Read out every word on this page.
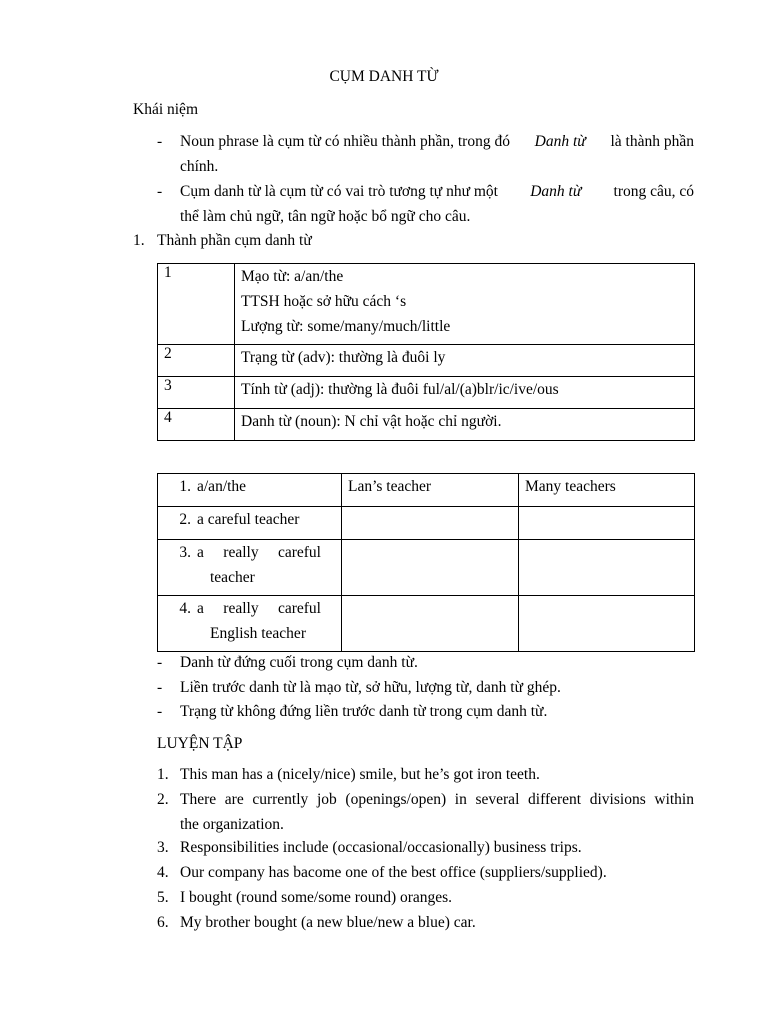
CỤM DANH TỪ
Khái niệm
- Noun phrase là cụm từ có nhiều thành phần, trong đó Danh từ là thành phần
chính.
- Cụm danh từ là cụm từ có vai trò tương tự như một Danh từ trong câu, có
thể làm chủ ngữ, tân ngữ hoặc bổ ngữ cho câu.
1. Thành phần cụm danh từ
1	Mạo từ: a/an/the
TTSH hoặc sở hữu cách ‘s
Lượng từ: some/many/much/little

2	Trạng từ (adv): thường là đuôi ly

3	Tính từ (adj): thường là đuôi ful/al/(a)blr/ic/ive/ous

4	Danh từ (noun): N chỉ vật hoặc chỉ người.
1. a/an/the	Lan’s teacher	Many teachers

2. a careful teacher		

3. a really careful
teacher		

4. a really careful
English teacher		

- Danh từ đứng cuối trong cụm danh từ.
- Liền trước danh từ là mạo từ, sở hữu, lượng từ, danh từ ghép.
- Trạng từ không đứng liền trước danh từ trong cụm danh từ.
LUYỆN TẬP
1. This man has a (nicely/nice) smile, but he’s got iron teeth.
2. There are currently job (openings/open) in several different divisions within
the organization.
3. Responsibilities include (occasional/occasionally) business trips.
4. Our company has bacome one of the best office (suppliers/supplied).
5. I bought (round some/some round) oranges.
6. My brother bought (a new blue/new a blue) car.
